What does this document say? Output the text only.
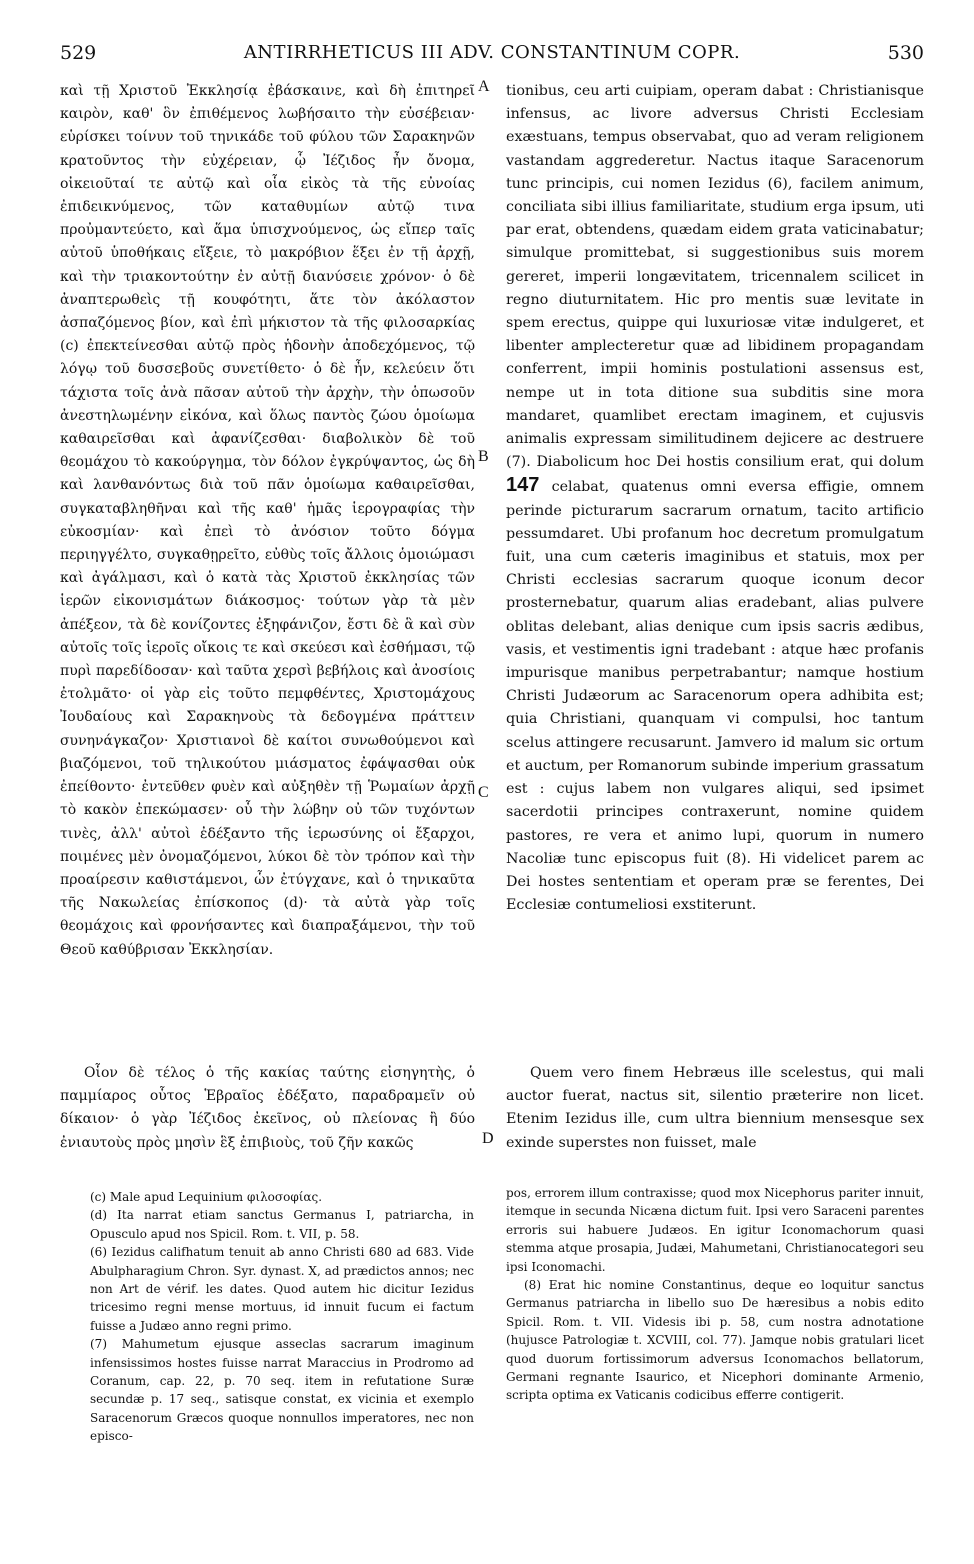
529	ANTIRRHETICUS III ADV. CONSTANTINUM COPR.	530
A
B
C
D

καὶ τῇ Χριστοῦ Ἐκκλησίᾳ ἐβάσκαινε, καὶ δὴ ἐπιτηρεῖ καιρὸν, καθ' ὃν ἐπιθέμενος λωβήσαιτο τὴν εὐσέβειαν· εὑρίσκει τοίνυν τοῦ τηνικάδε τοῦ φύλου τῶν Σαρακηνῶν κρατοῦντος τὴν εὐχέρειαν, ᾧ Ἰέζιδος ἦν ὄνομα, οἰκειοῦταί τε αὐτῷ καὶ οἷα εἰκὸς τὰ τῆς εὐνοίας ἐπιδεικνύμενος, τῶν καταθυμίων αὐτῷ τινα προὐμαντεύετο, καὶ ἅμα ὑπισχνούμενος, ὡς εἴπερ ταῖς αὐτοῦ ὑποθήκαις εἴξειε, τὸ μακρόβιον ἕξει ἐν τῇ ἀρχῇ, καὶ τὴν τριακοντούτην ἐν αὐτῇ διανύσειε χρόνον· ὁ δὲ ἀναπτερωθεὶς τῇ κουφότητι, ἅτε τὸν ἀκόλαστον ἀσπαζόμενος βίον, καὶ ἐπὶ μήκιστον τὰ τῆς φιλοσαρκίας (c) ἐπεκτείνεσθαι αὐτῷ πρὸς ἡδονὴν ἀποδεχόμενος, τῷ λόγῳ τοῦ δυσσεβοῦς συνετίθετο· ὁ δὲ ἦν, κελεύειν ὅτι τάχιστα τοῖς ἀνὰ πᾶσαν αὐτοῦ τὴν ἀρχὴν, τὴν ὁπωσοῦν ἀνεστηλωμένην εἰκόνα, καὶ ὅλως παντὸς ζώου ὁμοίωμα καθαιρεῖσθαι καὶ ἀφανίζεσθαι· διαβολικὸν δὲ τοῦ θεομάχου τὸ κακούργημα, τὸν δόλον ἐγκρύψαντος, ὡς δὴ καὶ λανθανόντως διὰ τοῦ πᾶν ὁμοίωμα καθαιρεῖσθαι, συγκαταβληθῆναι καὶ τῆς καθ' ἡμᾶς ἱερογραφίας τὴν εὐκοσμίαν· καὶ ἐπεὶ τὸ ἀνόσιον τοῦτο δόγμα περιηγγέλτο, συγκαθῃρεῖτο, εὐθὺς τοῖς ἄλλοις ὁμοιώμασι καὶ ἀγάλμασι, καὶ ὁ κατὰ τὰς Χριστοῦ ἐκκλησίας τῶν ἱερῶν εἰκονισμάτων διάκοσμος· τούτων γὰρ τὰ μὲν ἀπέξεον, τὰ δὲ κονίζοντες ἐξηφάνιζον, ἔστι δὲ ἃ καὶ σὺν αὐτοῖς τοῖς ἱεροῖς οἴκοις τε καὶ σκεύεσι καὶ ἐσθήμασι, τῷ πυρὶ παρεδίδοσαν· καὶ ταῦτα χερσὶ βεβήλοις καὶ ἀνοσίοις ἐτολμᾶτο· οἱ γὰρ εἰς τοῦτο πεμφθέντες, Χριστομάχους Ἰουδαίους καὶ Σαρακηνοὺς τὰ δεδογμένα πράττειν συνηνάγκαζον· Χριστιανοὶ δὲ καίτοι συνωθούμενοι καὶ βιαζόμενοι, τοῦ τηλικούτου μιάσματος ἐφάψασθαι οὐκ ἐπείθοντο· ἐντεῦθεν φυὲν καὶ αὐξηθὲν τῇ Ῥωμαίων ἀρχῇ τὸ κακὸν ἐπεκώμασεν· οὗ τὴν λώβην οὐ τῶν τυχόντων τινὲς, ἀλλ' αὐτοὶ ἐδέξαντο τῆς ἱερωσύνης οἱ ἔξαρχοι, ποιμένες μὲν ὀνομαζόμενοι, λύκοι δὲ τὸν τρόπον καὶ τὴν προαίρεσιν καθιστάμενοι, ὧν ἐτύγχανε, καὶ ὁ τηνικαῦτα τῆς Νακωλείας ἐπίσκοπος (d)· τὰ αὐτὰ γὰρ τοῖς θεομάχοις καὶ φρονήσαντες καὶ διαπραξάμενοι, τὴν τοῦ Θεοῦ καθύβρισαν Ἐκκλησίαν.

Οἷον δὲ τέλος ὁ τῆς κακίας ταύτης εἰσηγητὴς, ὁ παμμίαρος οὗτος Ἑβραῖος ἐδέξατο, παραδραμεῖν οὐ δίκαιον· ὁ γὰρ Ἰέζιδος ἐκεῖνος, οὐ πλείονας ἢ δύο ἐνιαυτοὺς πρὸς μησὶν ἓξ ἐπιβιοὺς, τοῦ ζῆν κακῶς

tionibus, ceu arti cuipiam, operam dabat : Christianisque infensus, ac livore adversus Christi Ecclesiam exæstuans, tempus observabat, quo ad veram religionem vastandam aggrederetur. Nactus itaque Saracenorum tunc principis, cui nomen Iezidus (6), facilem animum, conciliata sibi illius familiaritate, studium erga ipsum, uti par erat, obtendens, quædam eidem grata vaticinabatur; simulque promittebat, si suggestionibus suis morem gereret, imperii longævitatem, tricennalem scilicet in regno diuturnitatem. Hic pro mentis suæ levitate in spem erectus, quippe qui luxuriosæ vitæ indulgeret, et libenter amplecteretur quæ ad libidinem propagandam conferrent, impii hominis postulationi assensus est, nempe ut in tota ditione sua subditis sine mora mandaret, quamlibet erectam imaginem, et cujusvis animalis expressam similitudinem dejicere ac destruere (7). Diabolicum hoc Dei hostis consilium erat, qui dolum 147 celabat, quatenus omni eversa effigie, omnem perinde picturarum sacrarum ornatum, tacito artificio pessumdaret. Ubi profanum hoc decretum promulgatum fuit, una cum cæteris imaginibus et statuis, mox per Christi ecclesias sacrarum quoque iconum decor prosternebatur, quarum alias eradebant, alias pulvere oblitas delebant, alias denique cum ipsis sacris ædibus, vasis, et vestimentis igni tradebant : atque hæc profanis impurisque manibus perpetrabantur; namque hostium Christi Judæorum ac Saracenorum opera adhibita est; quia Christiani, quanquam vi compulsi, hoc tantum scelus attingere recusarunt. Jamvero id malum sic ortum et auctum, per Romanorum subinde imperium grassatum est : cujus labem non vulgares aliqui, sed ipsimet sacerdotii principes contraxerunt, nomine quidem pastores, re vera et animo lupi, quorum in numero Nacoliæ tunc episcopus fuit (8). Hi videlicet parem ac Dei hostes sententiam et operam præ se ferentes, Dei Ecclesiæ contumeliosi exstiterunt.

Quem vero finem Hebræus ille scelestus, qui mali auctor fuerat, nactus sit, silentio præterire non licet. Etenim Iezidus ille, cum ultra biennium mensesque sex exinde superstes non fuisset, male

(c) Male apud Lequinium φιλοσοφίας.

(d) Ita narrat etiam sanctus Germanus I, patriarcha, in Opusculo apud nos Spicil. Rom. t. VII, p. 58.

(6) Iezidus califhatum tenuit ab anno Christi 680 ad 683. Vide Abulpharagium Chron. Syr. dynast. X, ad prædictos annos; nec non Art de vérif. les dates. Quod autem hic dicitur Iezidus tricesimo regni mense mortuus, id innuit fucum ei factum fuisse a Judæo anno regni primo.

(7) Mahumetum ejusque asseclas sacrarum imaginum infensissimos hostes fuisse narrat Maraccius in Prodromo ad Coranum, cap. 22, p. 70 seq. item in refutatione Suræ secundæ p. 17 seq., satisque constat, ex vicinia et exemplo Saracenorum Græcos quoque nonnullos imperatores, nec non episco-

pos, errorem illum contraxisse; quod mox Nicephorus pariter innuit, itemque in secunda Nicæna dictum fuit. Ipsi vero Saraceni parentes erroris sui habuere Judæos. En igitur Iconomachorum quasi stemma atque prosapia, Judæi, Mahumetani, Christianocategori seu ipsi Iconomachi.

(8) Erat hic nomine Constantinus, deque eo loquitur sanctus Germanus patriarcha in libello suo De hæresibus a nobis edito Spicil. Rom. t. VII. Videsis ibi p. 58, cum nostra adnotatione (hujusce Patrologiæ t. XCVIII, col. 77). Jamque nobis gratulari licet quod duorum fortissimorum adversus Iconomachos bellatorum, Germani regnante Isaurico, et Nicephori dominante Armenio, scripta optima ex Vaticanis codicibus efferre contigerit.
